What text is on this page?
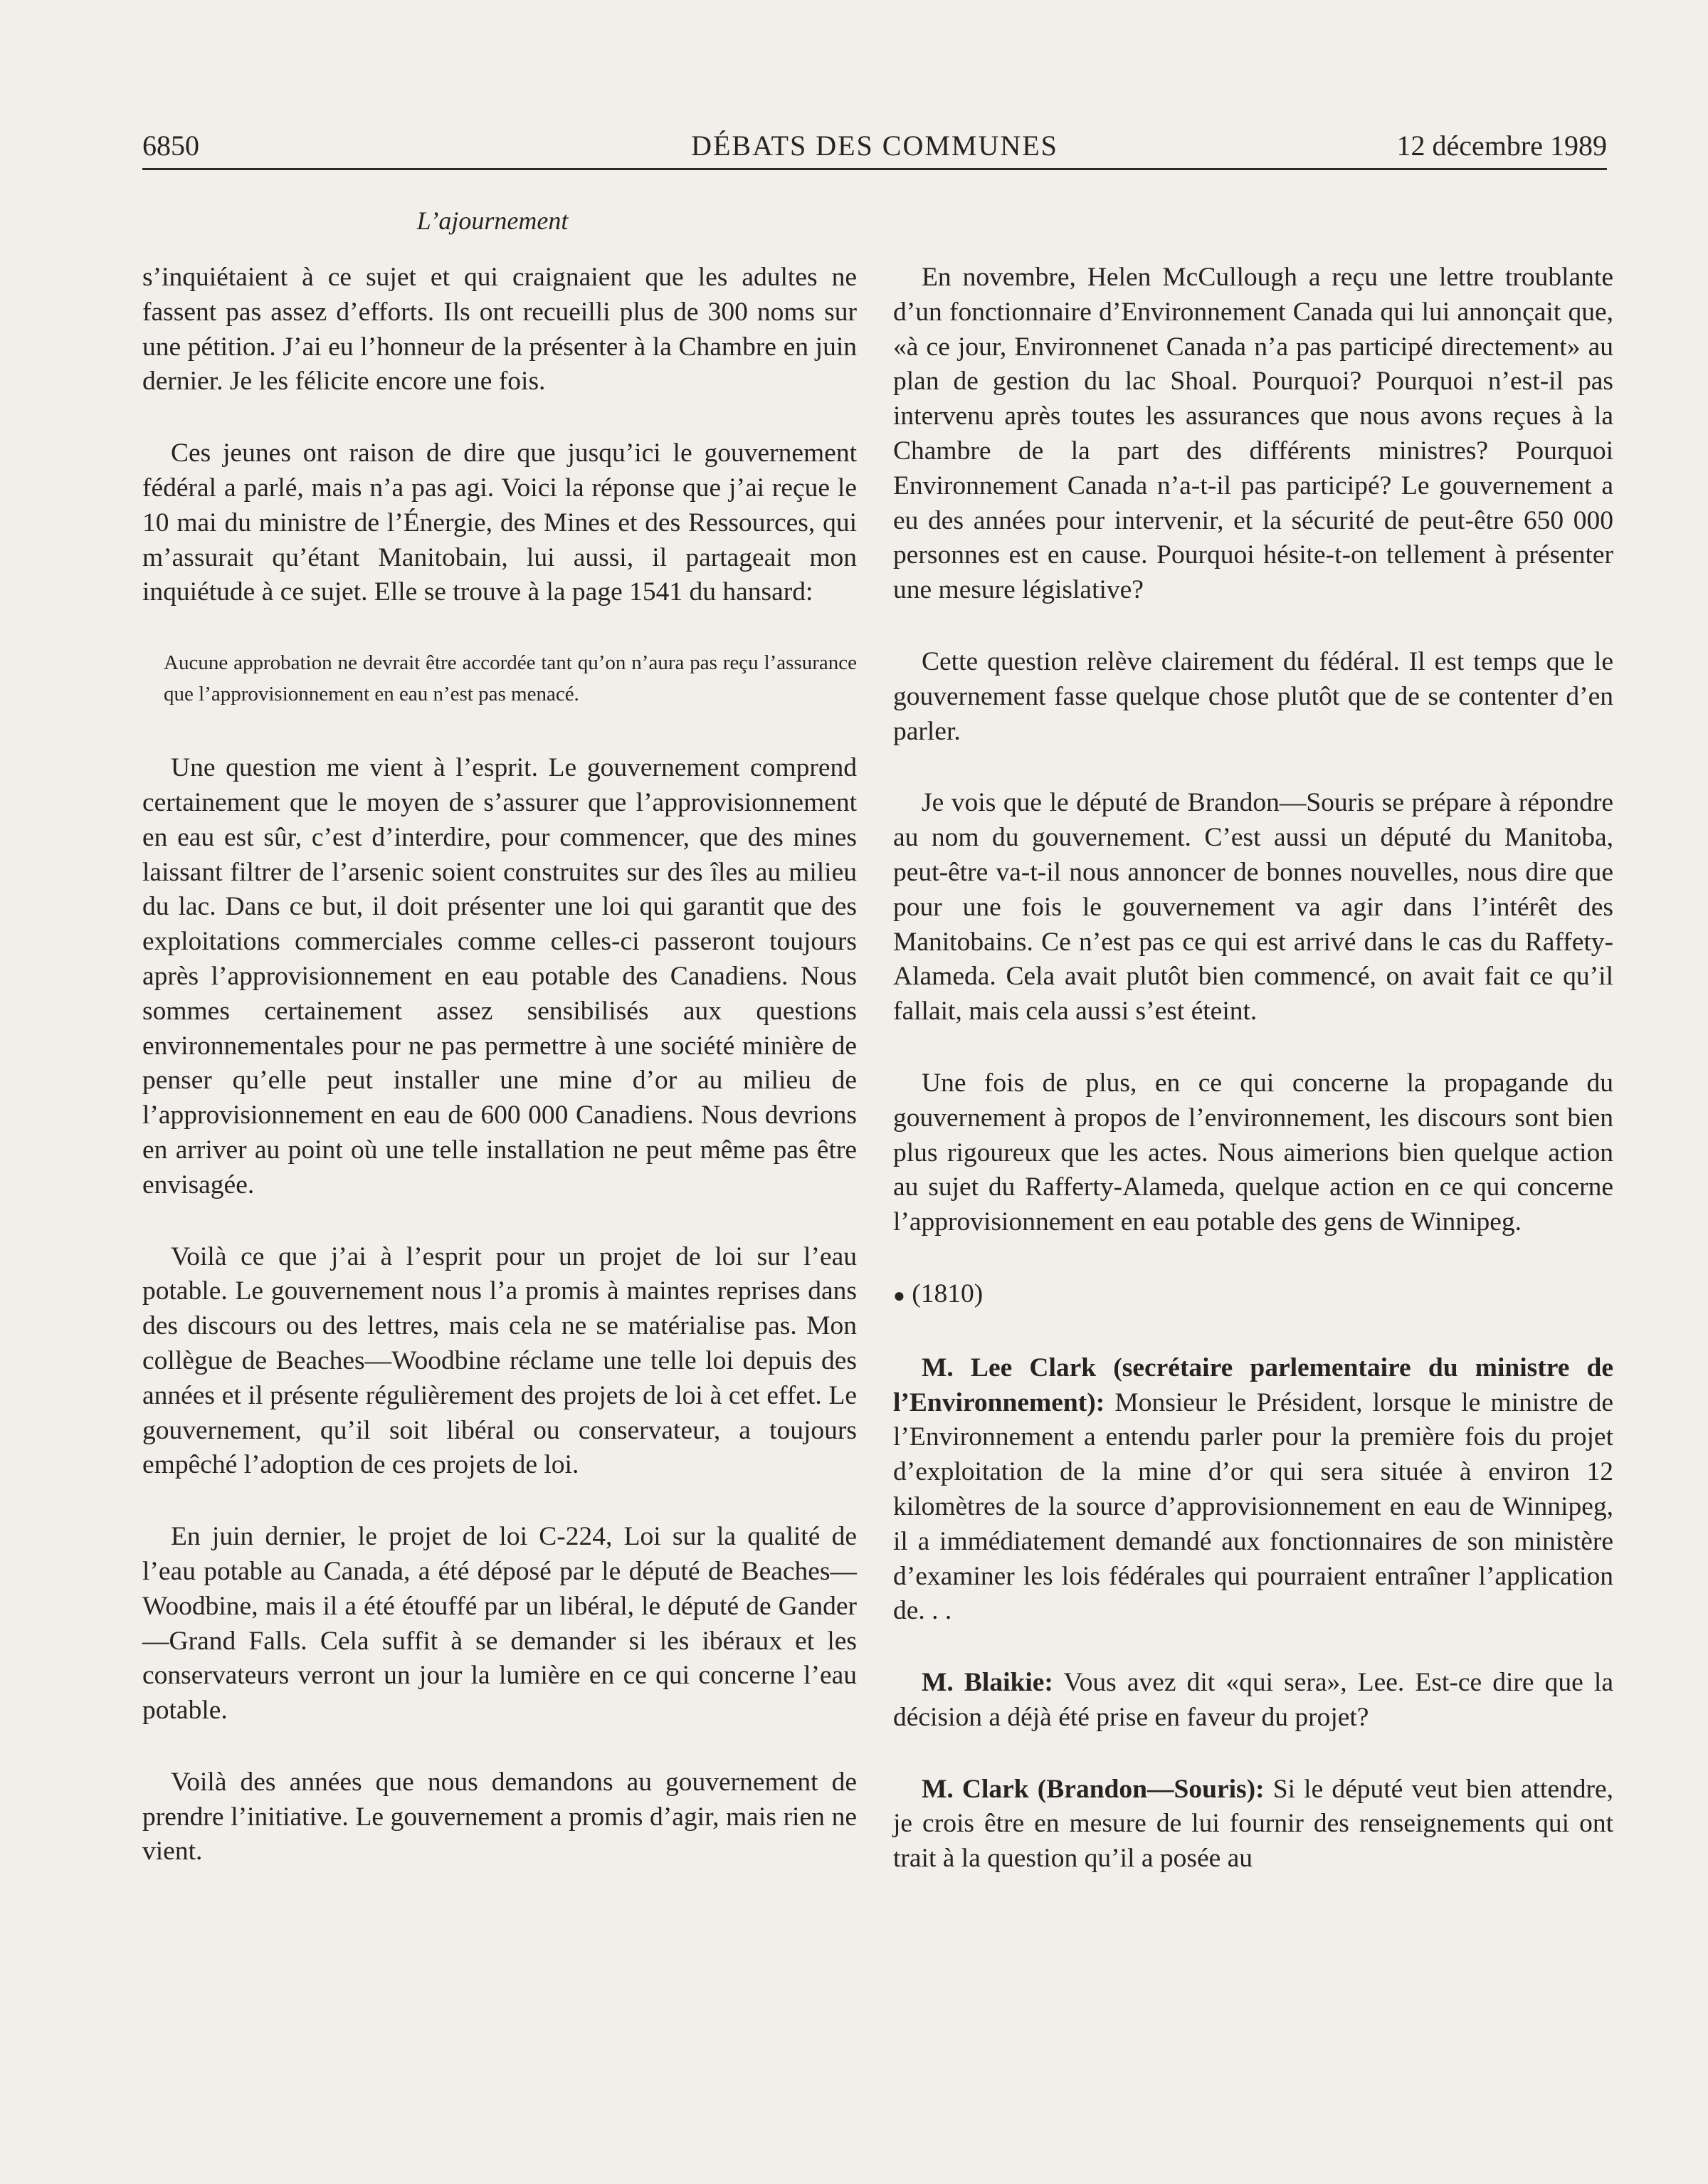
6850	DÉBATS DES COMMUNES	12 décembre 1989
L’ajournement

s’inquiétaient à ce sujet et qui craignaient que les adultes ne fassent pas assez d’efforts. Ils ont recueilli plus de 300 noms sur une pétition. J’ai eu l’honneur de la présenter à la Chambre en juin dernier. Je les félicite encore une fois.

Ces jeunes ont raison de dire que jusqu’ici le gouvernement fédéral a parlé, mais n’a pas agi. Voici la réponse que j’ai reçue le 10 mai du ministre de l’Énergie, des Mines et des Ressources, qui m’assurait qu’étant Manitobain, lui aussi, il partageait mon inquiétude à ce sujet. Elle se trouve à la page 1541 du hansard:

Aucune approbation ne devrait être accordée tant qu’on n’aura pas reçu l’assurance que l’approvisionnement en eau n’est pas menacé.

Une question me vient à l’esprit. Le gouvernement comprend certainement que le moyen de s’assurer que l’approvisionnement en eau est sûr, c’est d’interdire, pour commencer, que des mines laissant filtrer de l’arsenic soient construites sur des îles au milieu du lac. Dans ce but, il doit présenter une loi qui garantit que des exploitations commerciales comme celles-ci passeront toujours après l’approvisionnement en eau potable des Canadiens. Nous sommes certainement assez sensibilisés aux questions environnementales pour ne pas permettre à une société minière de penser qu’elle peut installer une mine d’or au milieu de l’approvisionnement en eau de 600 000 Canadiens. Nous devrions en arriver au point où une telle installation ne peut même pas être envisagée.

Voilà ce que j’ai à l’esprit pour un projet de loi sur l’eau potable. Le gouvernement nous l’a promis à maintes reprises dans des discours ou des lettres, mais cela ne se matérialise pas. Mon collègue de Beaches—Woodbine réclame une telle loi depuis des années et il présente régulièrement des projets de loi à cet effet. Le gouvernement, qu’il soit libéral ou conservateur, a toujours empêché l’adoption de ces projets de loi.

En juin dernier, le projet de loi C-224, Loi sur la qualité de l’eau potable au Canada, a été déposé par le député de Beaches—Woodbine, mais il a été étouffé par un libéral, le député de Gander—Grand Falls. Cela suffit à se demander si les ibéraux et les conservateurs verront un jour la lumière en ce qui concerne l’eau potable.

Voilà des années que nous demandons au gouvernement de prendre l’initiative. Le gouvernement a promis d’agir, mais rien ne vient.

En novembre, Helen McCullough a reçu une lettre troublante d’un fonctionnaire d’Environnement Canada qui lui annonçait que, «à ce jour, Environnenet Canada n’a pas participé directement» au plan de gestion du lac Shoal. Pourquoi? Pourquoi n’est-il pas intervenu après toutes les assurances que nous avons reçues à la Chambre de la part des différents ministres? Pourquoi Environnement Canada n’a-t-il pas participé? Le gouvernement a eu des années pour intervenir, et la sécurité de peut-être 650 000 personnes est en cause. Pourquoi hésite-t-on tellement à présenter une mesure législative?

Cette question relève clairement du fédéral. Il est temps que le gouvernement fasse quelque chose plutôt que de se contenter d’en parler.

Je vois que le député de Brandon—Souris se prépare à répondre au nom du gouvernement. C’est aussi un député du Manitoba, peut-être va-t-il nous annoncer de bonnes nouvelles, nous dire que pour une fois le gouvernement va agir dans l’intérêt des Manitobains. Ce n’est pas ce qui est arrivé dans le cas du Raffety-Alameda. Cela avait plutôt bien commencé, on avait fait ce qu’il fallait, mais cela aussi s’est éteint.

Une fois de plus, en ce qui concerne la propagande du gouvernement à propos de l’environnement, les discours sont bien plus rigoureux que les actes. Nous aimerions bien quelque action au sujet du Rafferty-Alameda, quelque action en ce qui concerne l’approvisionnement en eau potable des gens de Winnipeg.

● (1810)

M. Lee Clark (secrétaire parlementaire du ministre de l’Environnement): Monsieur le Président, lorsque le ministre de l’Environnement a entendu parler pour la première fois du projet d’exploitation de la mine d’or qui sera située à environ 12 kilomètres de la source d’approvisionnement en eau de Winnipeg, il a immédiatement demandé aux fonctionnaires de son ministère d’examiner les lois fédérales qui pourraient entraîner l’application de. . .

M. Blaikie: Vous avez dit «qui sera», Lee. Est-ce dire que la décision a déjà été prise en faveur du projet?

M. Clark (Brandon—Souris): Si le député veut bien attendre, je crois être en mesure de lui fournir des renseignements qui ont trait à la question qu’il a posée au
